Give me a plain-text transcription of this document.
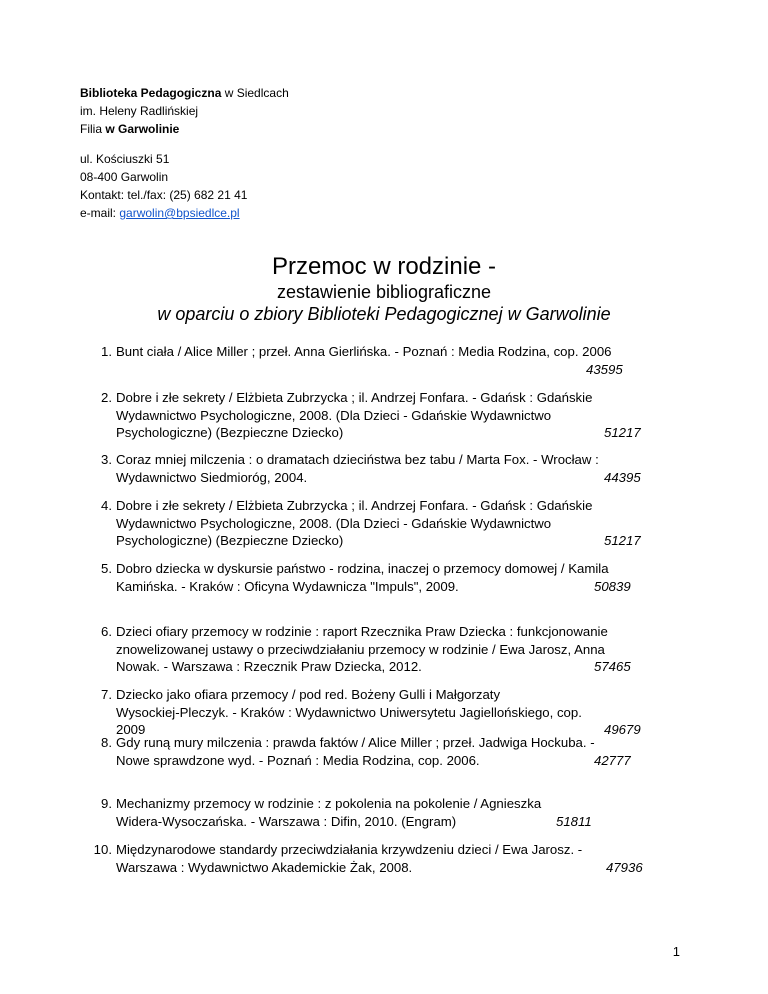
Biblioteka Pedagogiczna w Siedlcach
im. Heleny Radlińskiej
Filia w Garwolinie
ul. Kościuszki 51
08-400 Garwolin
Kontakt: tel./fax: (25) 682 21 41
e-mail: garwolin@bpsiedlce.pl
Przemoc w rodzinie -
zestawienie bibliograficzne
w oparciu o zbiory Biblioteki Pedagogicznej w Garwolinie
1. Bunt ciała / Alice Miller ; przeł. Anna Gierlińska. - Poznań : Media Rodzina, cop. 2006
43595
2. Dobre i złe sekrety / Elżbieta Zubrzycka ; il. Andrzej Fonfara. - Gdańsk : Gdańskie
Wydawnictwo Psychologiczne, 2008. (Dla Dzieci - Gdańskie Wydawnictwo
Psychologiczne) (Bezpieczne Dziecko)	51217
3. Coraz mniej milczenia : o dramatach dzieciństwa bez tabu / Marta Fox. - Wrocław :
Wydawnictwo Siedmioróg, 2004.	44395
4. Dobre i złe sekrety / Elżbieta Zubrzycka ; il. Andrzej Fonfara. - Gdańsk : Gdańskie
Wydawnictwo Psychologiczne, 2008. (Dla Dzieci - Gdańskie Wydawnictwo
Psychologiczne) (Bezpieczne Dziecko)	51217
5. Dobro dziecka w dyskursie państwo - rodzina, inaczej o przemocy domowej / Kamila
Kamińska. - Kraków : Oficyna Wydawnicza "Impuls", 2009.	50839
6. Dzieci ofiary przemocy w rodzinie : raport Rzecznika Praw Dziecka : funkcjonowanie
znowelizowanej ustawy o przeciwdziałaniu przemocy w rodzinie / Ewa Jarosz, Anna
Nowak. - Warszawa : Rzecznik Praw Dziecka, 2012.	57465
7. Dziecko jako ofiara przemocy / pod red. Bożeny Gulli i Małgorzaty
Wysockiej-Pleczyk. - Kraków : Wydawnictwo Uniwersytetu Jagiellońskiego, cop.
2009	49679
8. Gdy runą mury milczenia : prawda faktów / Alice Miller ; przeł. Jadwiga Hockuba. -
Nowe sprawdzone wyd. - Poznań : Media Rodzina, cop. 2006.	42777
9. Mechanizmy przemocy w rodzinie : z pokolenia na pokolenie / Agnieszka
Widera-Wysoczańska. - Warszawa : Difin, 2010. (Engram)	51811
10. Międzynarodowe standardy przeciwdziałania krzywdzeniu dzieci / Ewa Jarosz. -
Warszawa : Wydawnictwo Akademickie Żak, 2008.	47936
1
